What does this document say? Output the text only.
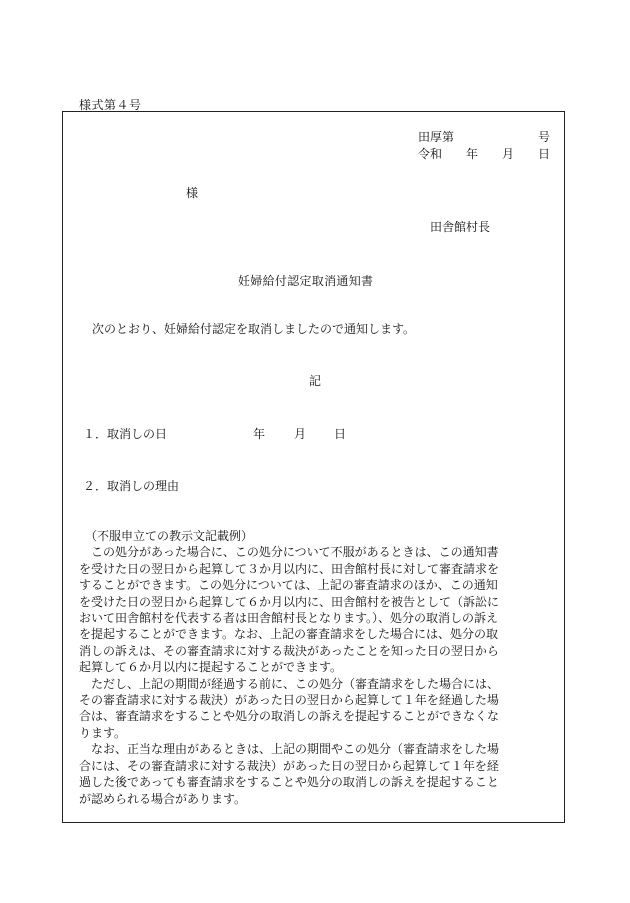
様式第４号
田厚第	号
令和 年 月 日
様
田舎館村長
妊婦給付認定取消通知書
次のとおり、妊婦給付認定を取消しましたので通知します。
記
１．取消しの日	年 月 日
２．取消しの理由

（不服申立ての教示文記載例）

　この処分があった場合に、この処分について不服があるときは、この通知書

を受けた日の翌日から起算して３か月以内に、田舎館村長に対して審査請求を

することができます。この処分については、上記の審査請求のほか、この通知

を受けた日の翌日から起算して６か月以内に、田舎館村を被告として（訴訟に

おいて田舎館村を代表する者は田舎館村長となります。）、処分の取消しの訴え

を提起することができます。なお、上記の審査請求をした場合には、処分の取

消しの訴えは、その審査請求に対する裁決があったことを知った日の翌日から

起算して６か月以内に提起することができます。

　ただし、上記の期間が経過する前に、この処分（審査請求をした場合には、

その審査請求に対する裁決）があった日の翌日から起算して１年を経過した場

合は、審査請求をすることや処分の取消しの訴えを提起することができなくな

ります。

　なお、正当な理由があるときは、上記の期間やこの処分（審査請求をした場

合には、その審査請求に対する裁決）があった日の翌日から起算して１年を経

過した後であっても審査請求をすることや処分の取消しの訴えを提起すること

が認められる場合があります。
